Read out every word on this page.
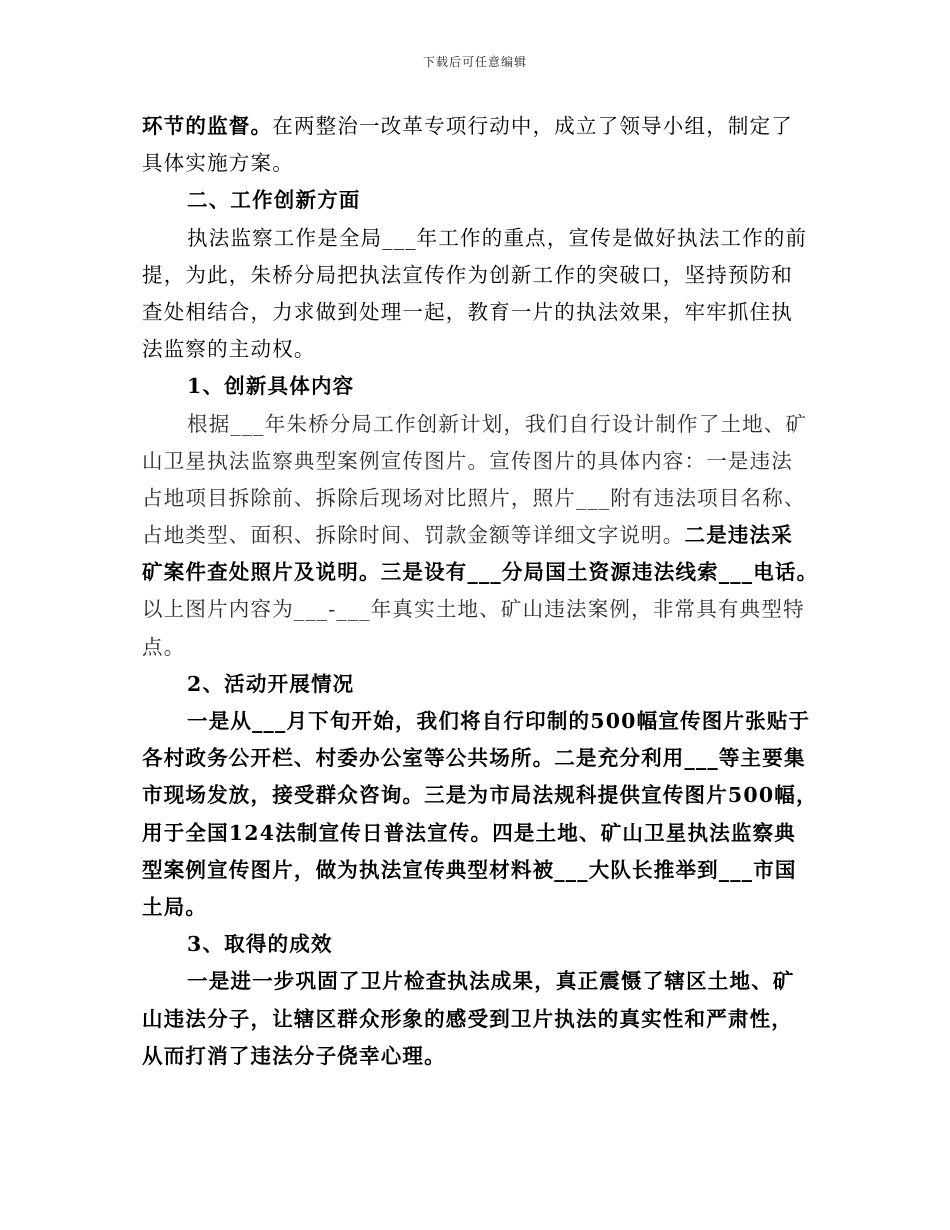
下载后可任意编辑
环节的监督。在两整治一改革专项行动中，成立了领导小组，制定了
具体实施方案。
二、工作创新方面
执法监察工作是全局___年工作的重点，宣传是做好执法工作的前
提，为此，朱桥分局把执法宣传作为创新工作的突破口，坚持预防和
查处相结合，力求做到处理一起，教育一片的执法效果，牢牢抓住执
法监察的主动权。
1、创新具体内容
根据___年朱桥分局工作创新计划，我们自行设计制作了土地、矿
山卫星执法监察典型案例宣传图片。宣传图片的具体内容：一是违法
占地项目拆除前、拆除后现场对比照片，照片___附有违法项目名称、
占地类型、面积、拆除时间、罚款金额等详细文字说明。二是违法采
矿案件查处照片及说明。三是设有___分局国土资源违法线索___电话。
以上图片内容为___-___年真实土地、矿山违法案例，非常具有典型特
点。
2、活动开展情况
一是从___月下旬开始，我们将自行印制的500幅宣传图片张贴于
各村政务公开栏、村委办公室等公共场所。二是充分利用___等主要集
市现场发放，接受群众咨询。三是为市局法规科提供宣传图片500幅，
用于全国124法制宣传日普法宣传。四是土地、矿山卫星执法监察典
型案例宣传图片，做为执法宣传典型材料被___大队长推举到___市国
土局。
3、取得的成效
一是进一步巩固了卫片检查执法成果，真正震慑了辖区土地、矿
山违法分子，让辖区群众形象的感受到卫片执法的真实性和严肃性，
从而打消了违法分子侥幸心理。
